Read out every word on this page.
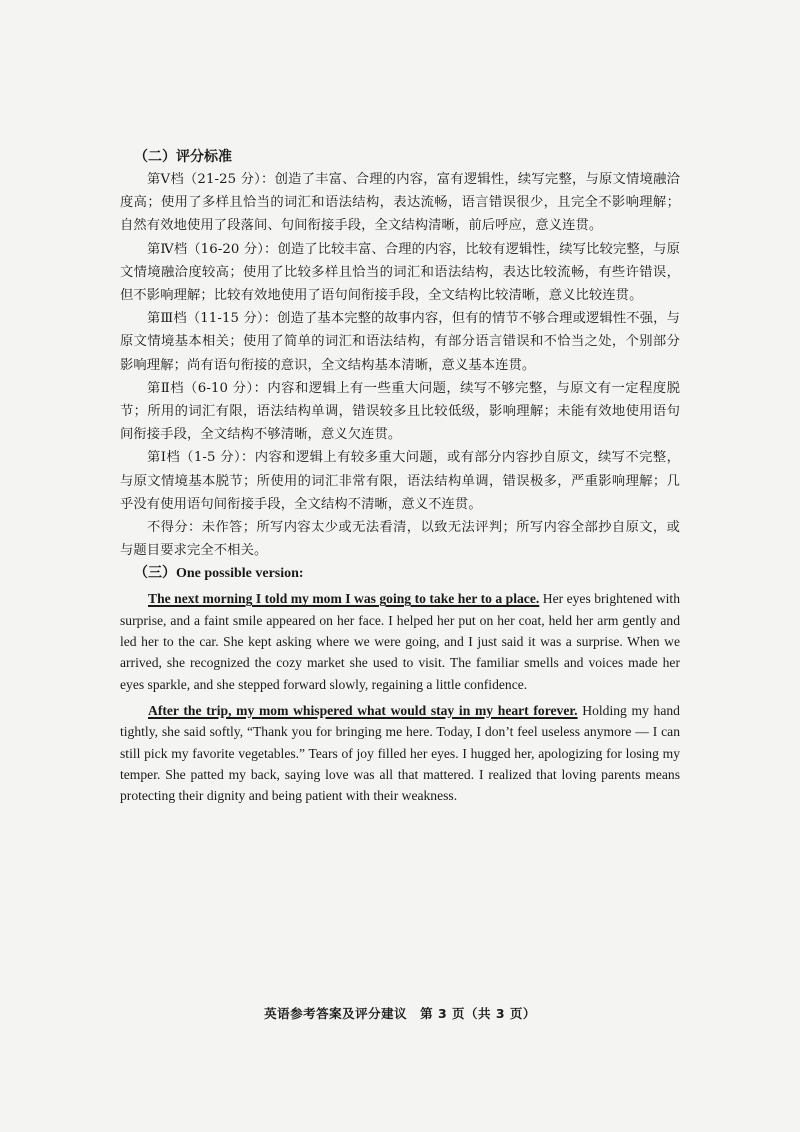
（二）评分标准

第Ⅴ档（21-25 分）：创造了丰富、合理的内容，富有逻辑性，续写完整，与原文情境融洽度高；使用了多样且恰当的词汇和语法结构，表达流畅，语言错误很少，且完全不影响理解；自然有效地使用了段落间、句间衔接手段，全文结构清晰，前后呼应，意义连贯。

第Ⅳ档（16-20 分）：创造了比较丰富、合理的内容，比较有逻辑性，续写比较完整，与原文情境融洽度较高；使用了比较多样且恰当的词汇和语法结构，表达比较流畅，有些许错误，但不影响理解；比较有效地使用了语句间衔接手段，全文结构比较清晰，意义比较连贯。

第Ⅲ档（11-15 分）：创造了基本完整的故事内容，但有的情节不够合理或逻辑性不强，与原文情境基本相关；使用了简单的词汇和语法结构，有部分语言错误和不恰当之处，个别部分影响理解；尚有语句衔接的意识，全文结构基本清晰，意义基本连贯。

第Ⅱ档（6-10 分）：内容和逻辑上有一些重大问题，续写不够完整，与原文有一定程度脱节；所用的词汇有限，语法结构单调，错误较多且比较低级，影响理解；未能有效地使用语句间衔接手段，全文结构不够清晰，意义欠连贯。

第Ⅰ档（1-5 分）：内容和逻辑上有较多重大问题，或有部分内容抄自原文，续写不完整，与原文情境基本脱节；所使用的词汇非常有限，语法结构单调，错误极多，严重影响理解；几乎没有使用语句间衔接手段，全文结构不清晰，意义不连贯。

不得分：未作答；所写内容太少或无法看清，以致无法评判；所写内容全部抄自原文，或与题目要求完全不相关。

（三）One possible version:

The next morning I told my mom I was going to take her to a place. Her eyes brightened with surprise, and a faint smile appeared on her face. I helped her put on her coat, held her arm gently and led her to the car. She kept asking where we were going, and I just said it was a surprise. When we arrived, she recognized the cozy market she used to visit. The familiar smells and voices made her eyes sparkle, and she stepped forward slowly, regaining a little confidence.

After the trip, my mom whispered what would stay in my heart forever. Holding my hand tightly, she said softly, “Thank you for bringing me here. Today, I don’t feel useless anymore — I can still pick my favorite vegetables.” Tears of joy filled her eyes. I hugged her, apologizing for losing my temper. She patted my back, saying love was all that mattered. I realized that loving parents means protecting their dignity and being patient with their weakness.

英语参考答案及评分建议　第 3 页（共 3 页）
